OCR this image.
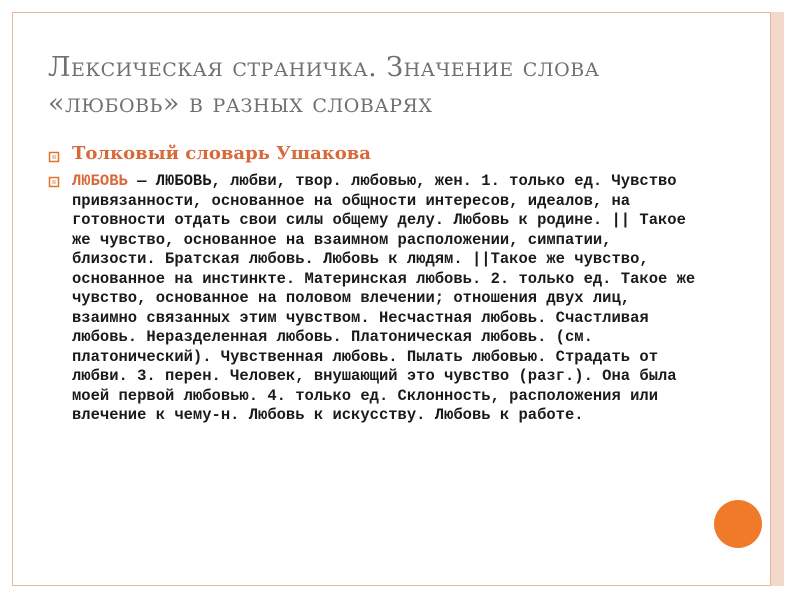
Лексическая страничка. Значение слова
«любовь» в разных словарях
Толковый словарь Ушакова
ЛЮБОВЬ — ЛЮБОВЬ, любви, твор. любовью, жен. 1. только ед. Чувство привязанности, основанное на общности интересов, идеалов, на готовности отдать свои силы общему делу. Любовь к родине. || Такое же чувство, основанное на взаимном расположении, симпатии, близости. Братская любовь. Любовь к людям. ||Такое же чувство, основанное на инстинкте. Материнская любовь. 2. только ед. Такое же чувство, основанное на половом влечении; отношения двух лиц, взаимно связанных этим чувством. Несчастная любовь. Счастливая любовь. Неразделенная любовь. Платоническая любовь. (см. платонический). Чувственная любовь. Пылать любовью. Страдать от любви. 3. перен. Человек, внушающий это чувство (разг.). Она была моей первой любовью. 4. только ед. Склонность, расположения или влечение к чему-н. Любовь к искусству. Любовь к работе.
